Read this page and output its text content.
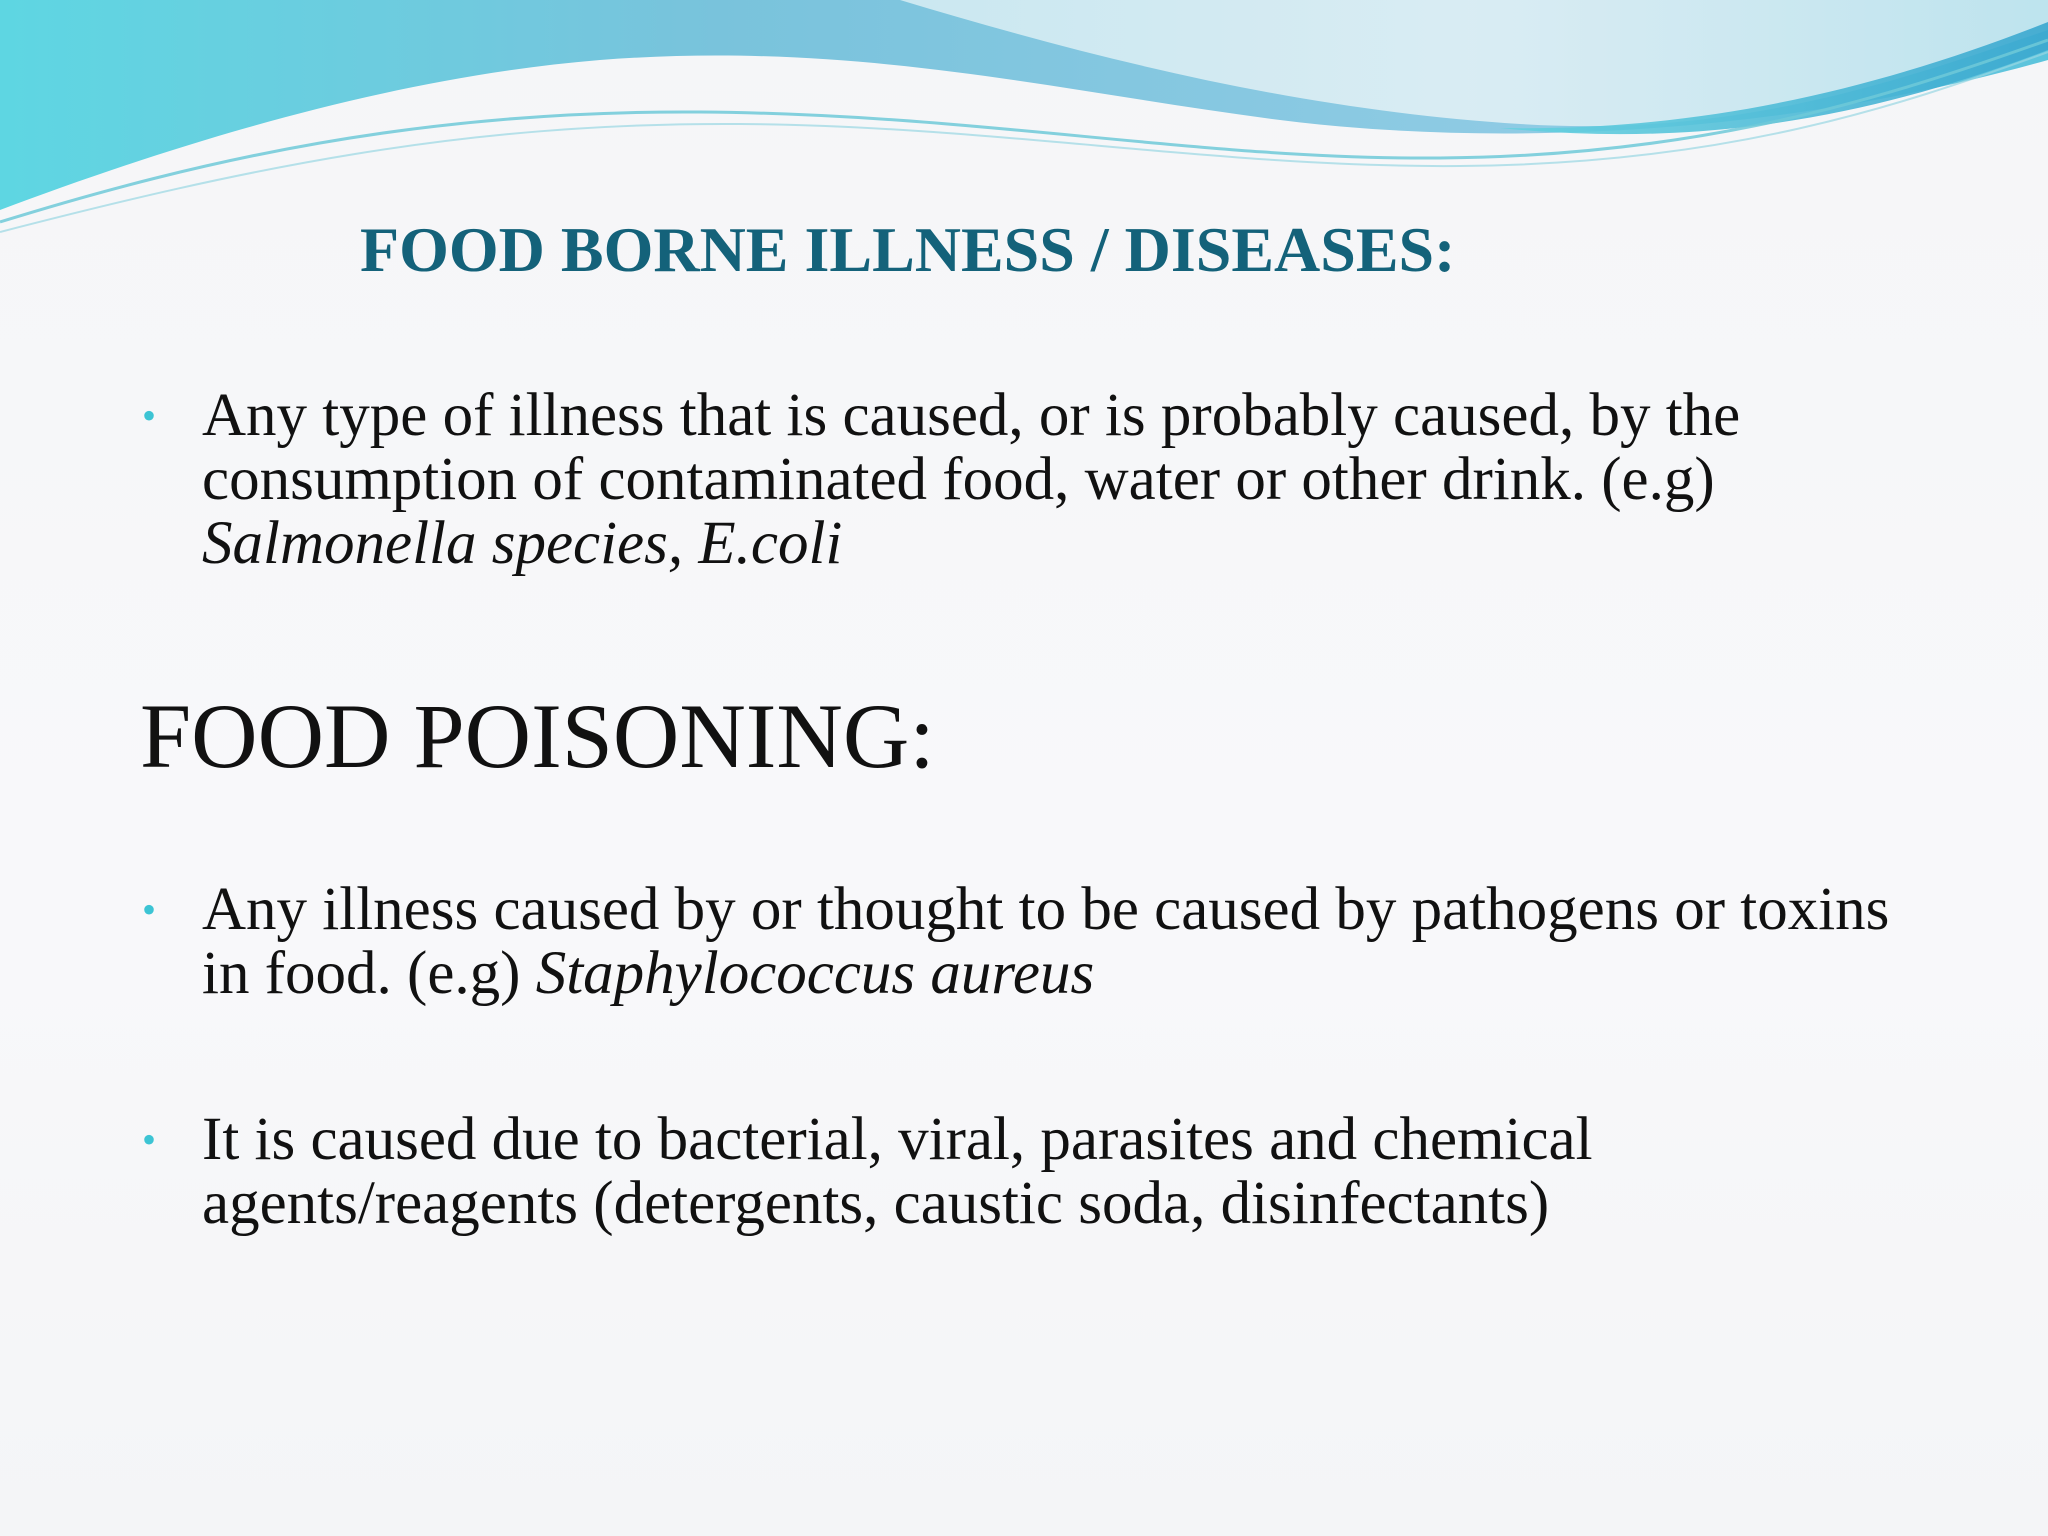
FOOD BORNE ILLNESS / DISEASES:
• Any type of illness that is caused, or is probably caused, by the consumption of contaminated food, water or other drink. (e.g) Salmonella species, E.coli
FOOD POISONING:
• Any illness caused by or thought to be caused by pathogens or toxins in food. (e.g) Staphylococcus aureus
• It is caused due to bacterial, viral, parasites and chemical agents/reagents (detergents, caustic soda, disinfectants)
